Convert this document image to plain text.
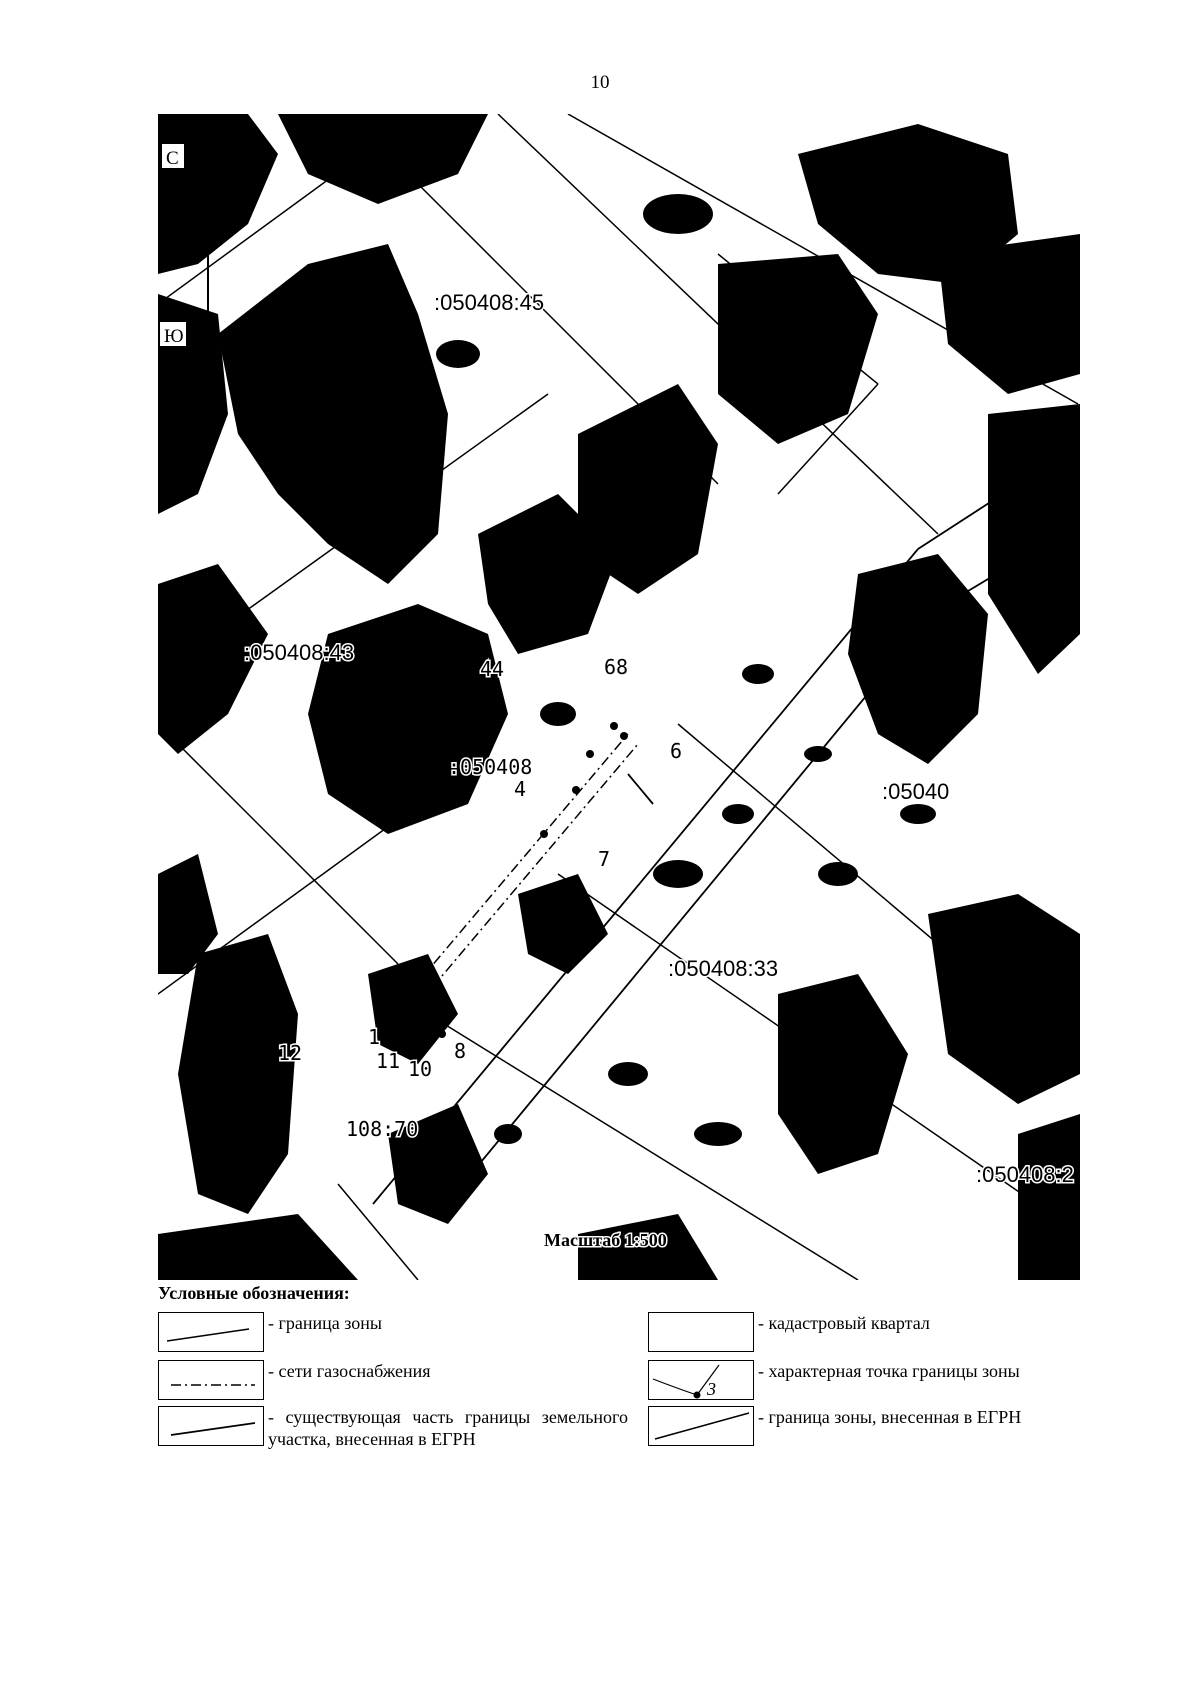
10
С
Ю
:050408:45
:050408:43
44	68
:050408
:050408:33
108:70
:05040
:050408:2
6
4
7
8
1
11 10
12
Масштаб 1:500
Условные обозначения:
- граница зоны
- сети газоснабжения
- существующая часть границы земельного участка, внесенная в ЕГРН
- кадастровый квартал
3
- характерная точка границы зоны
- граница зоны, внесенная в ЕГРН
